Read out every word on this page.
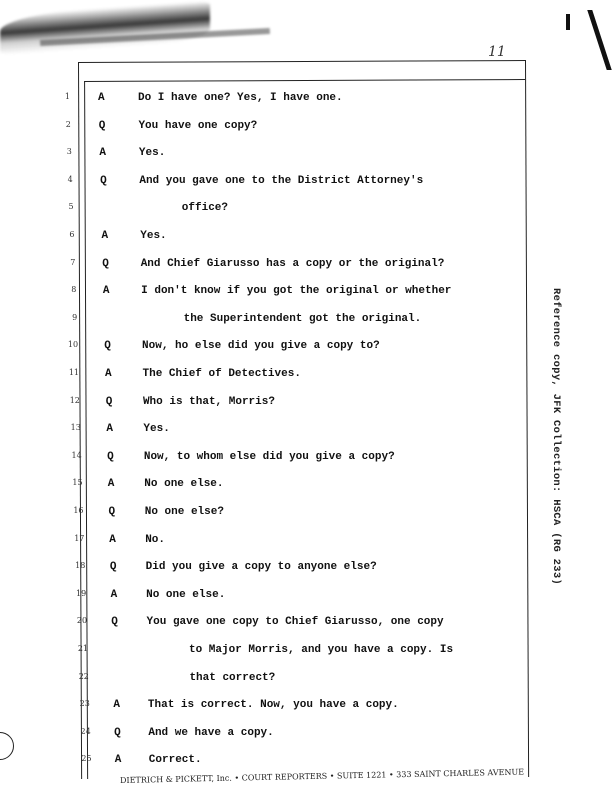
11
1	A	Do I have one? Yes, I have one.
2	Q	You have one copy?
3	A	Yes.
4 Q	And you gave one to the District Attorney's
5	office?
6 A	Yes.
7 Q	And Chief Giarusso has a copy or the original?
8 A	I don't know if you got the original or whether
9	the Superintendent got the original.
10 Q	Now, ho else did you give a copy to?
11 A	The Chief of Detectives.
12 Q	Who is that, Morris?
13 A	Yes.
14 Q	Now, to whom else did you give a copy?
15 A	No one else.
16 Q	No one else?
17 A	No.
18 Q	Did you give a copy to anyone else?
19 A	No one else.
20 Q	You gave one copy to Chief Giarusso, one copy
21	to Major Morris, and you have a copy. Is
22	that correct?
23 A	That is correct. Now, you have a copy.
24 Q	And we have a copy.
25 A Correct.
Reference copy, JFK Collection: HSCA (RG 233)
DIETRICH & PICKETT, Inc. • COURT REPORTERS • SUITE 1221 • 333 SAINT CHARLES AVENUE
